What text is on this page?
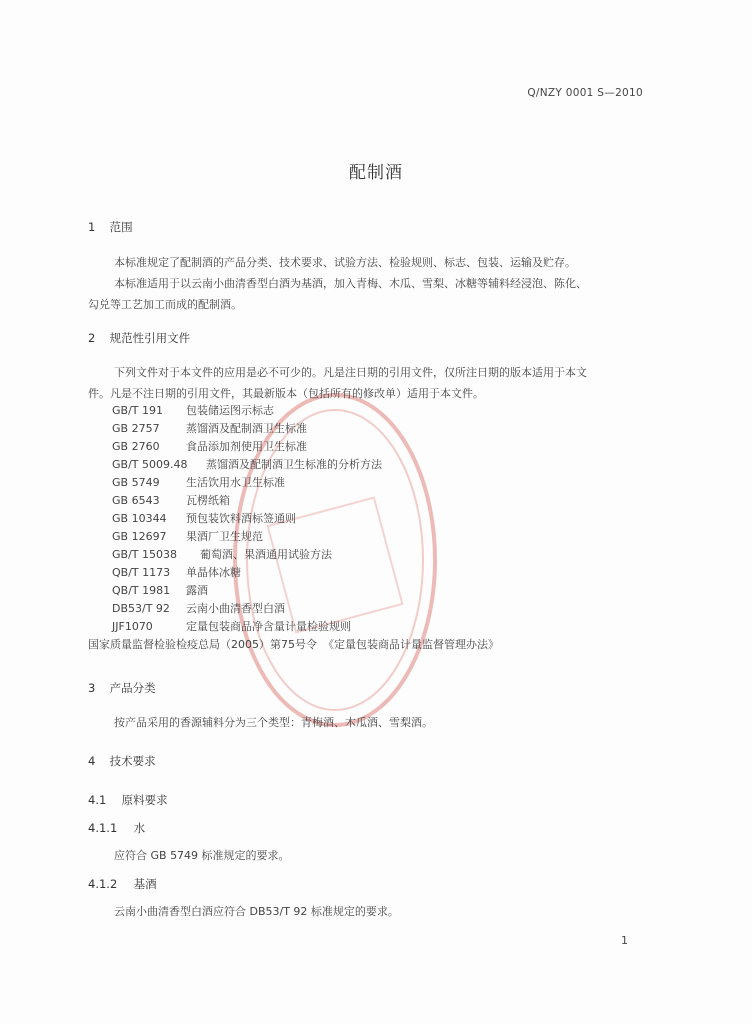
Q/NZY 0001 S—2010
配制酒
1 范围
本标准规定了配制酒的产品分类、技术要求、试验方法、检验规则、标志、包装、运输及贮存。
本标准适用于以云南小曲清香型白酒为基酒，加入青梅、木瓜、雪梨、冰糖等辅料经浸泡、陈化、
勾兑等工艺加工而成的配制酒。
2 规范性引用文件
下列文件对于本文件的应用是必不可少的。凡是注日期的引用文件，仅所注日期的版本适用于本文
件。凡是不注日期的引用文件，其最新版本（包括所有的修改单）适用于本文件。
GB/T 191 包装储运图示标志
GB 2757 蒸馏酒及配制酒卫生标准
GB 2760 食品添加剂使用卫生标准
GB/T 5009.48 蒸馏酒及配制酒卫生标准的分析方法
GB 5749 生活饮用水卫生标准
GB 6543 瓦楞纸箱
GB 10344 预包装饮料酒标签通则
GB 12697 果酒厂卫生规范
GB/T 15038 葡萄酒、果酒通用试验方法
QB/T 1173 单晶体冰糖
QB/T 1981 露酒
DB53/T 92 云南小曲清香型白酒
JJF1070	定量包装商品净含量计量检验规则
国家质量监督检验检疫总局（2005）第75号令 《定量包装商品计量监督管理办法》
3 产品分类
按产品采用的香源辅料分为三个类型：青梅酒、木瓜酒、雪梨酒。
4 技术要求
4.1 原料要求
4.1.1 水
应符合 GB 5749 标准规定的要求。
4.1.2 基酒
云南小曲清香型白酒应符合 DB53/T 92 标准规定的要求。
1
